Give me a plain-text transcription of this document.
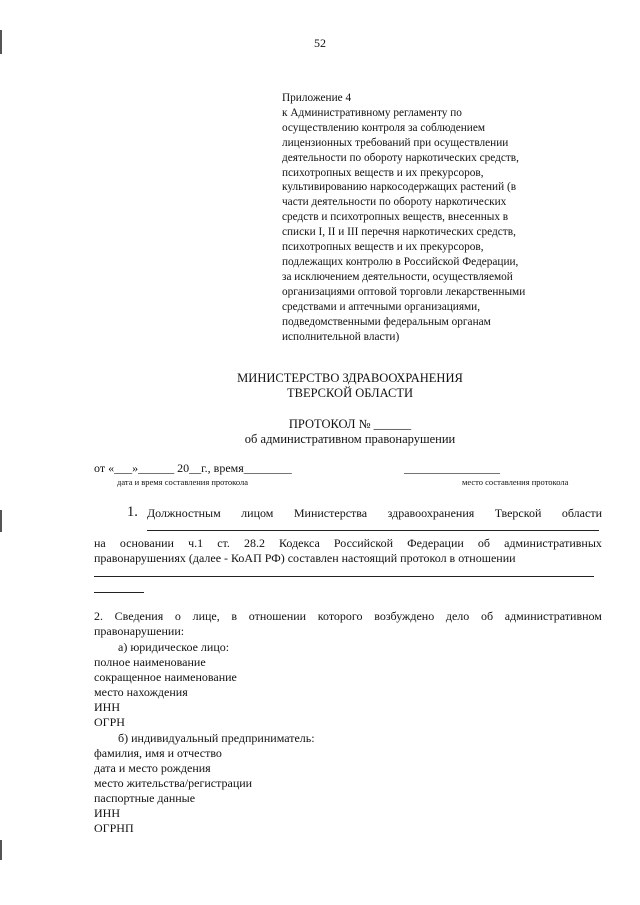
52
Приложение 4
к Административному регламенту по
осуществлению контроля за соблюдением
лицензионных требований при осуществлении
деятельности по обороту наркотических средств,
психотропных веществ и их прекурсоров,
культивированию наркосодержащих растений (в
части деятельности по обороту наркотических
средств и психотропных веществ, внесенных в
списки I, II и III перечня наркотических средств,
психотропных веществ и их прекурсоров,
подлежащих контролю в Российской Федерации,
за исключением деятельности, осуществляемой
организациями оптовой торговли лекарственными
средствами и аптечными организациями,
подведомственными федеральным органам
исполнительной власти)
МИНИСТЕРСТВО ЗДРАВООХРАНЕНИЯ
ТВЕРСКОЙ ОБЛАСТИ
ПРОТОКОЛ № ______
об административном правонарушении
от «___»______ 20__г., время________	________________
дата и время составления протокола	место составления протокола
1. Должностным лицом Министерства здравоохранения Тверской области
на основании ч.1 ст. 28.2 Кодекса Российской Федерации об административных
правонарушениях (далее - КоАП РФ) составлен настоящий протокол в отношении
2. Сведения о лице, в отношении которого возбуждено дело об административном
правонарушении:
а) юридическое лицо:
полное наименование
сокращенное наименование
место нахождения
ИНН
ОГРН
б) индивидуальный предприниматель:
фамилия, имя и отчество
дата и место рождения
место жительства/регистрации
паспортные данные
ИНН
ОГРНП
